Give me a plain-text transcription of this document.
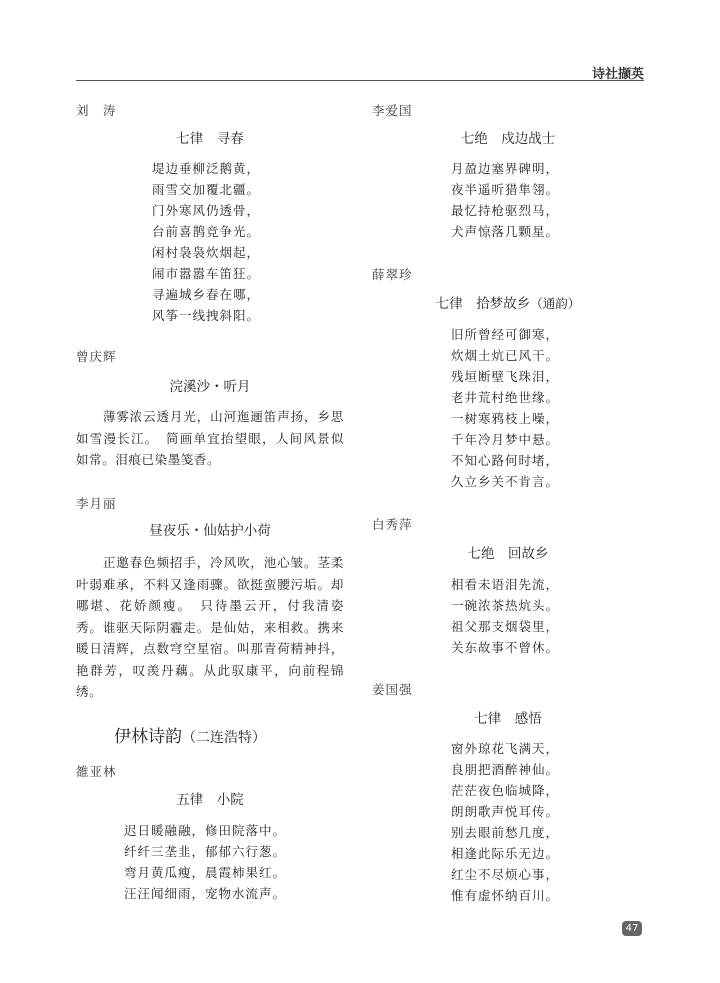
诗社撷英

刘　涛

七律　寻春

堤边垂柳泛鹅黄，
雨雪交加覆北疆。
门外寒风仍透骨，
台前喜鹊竞争光。
闲村袅袅炊烟起，
闹市嚣嚣车笛狂。
寻遍城乡春在哪，
风筝一线拽斜阳。

曾庆辉

浣溪沙・听月

　　薄雾浓云透月光，山河迤逦笛声扬，乡思如雪漫长江。　简画单宜抬望眼，人间风景似如常。泪痕已染墨笺香。

李月丽

昼夜乐・仙姑护小荷

　　正邀春色频招手，冷风吹，池心皱。茎柔叶弱难承，不料又逢雨骤。欲挺蛮腰污垢。却哪堪、花娇颜瘦。　只待墨云开，付我清姿秀。谁驱天际阴霾走。是仙姑，来相救。携来暖日清辉，点数穹空星宿。叫那青荷精神抖，艳群芳，叹羡丹藕。从此驭康平，向前程锦绣。

伊林诗韵（二连浩特）

雒亚林

五律　小院

迟日暖融融，修田院落中。
纤纤三垄韭，郁郁六行葱。
弯月黄瓜瘦，晨霞柿果红。
汪汪闻细雨，宠物水流声。

李爱国

七绝　戍边战士

月盈边塞界碑明，
夜半遥听猎隼翎。
最忆持枪驱烈马，
犬声惊落几颗星。

薛翠珍

七律　拾梦故乡（通韵）

旧所曾经可御寒，
炊烟土炕已风干。
残垣断壁飞珠泪，
老井荒村绝世缘。
一树寒鸦枝上噪，
千年冷月梦中悬。
不知心路何时堵，
久立乡关不肯言。

白秀萍

七绝　回故乡

相看未语泪先流，
一碗浓茶热炕头。
祖父那支烟袋里，
关东故事不曾休。

姜国强

七律　感悟

窗外琼花飞满天，
良朋把酒醉神仙。
茫茫夜色临城降，
朗朗歌声悦耳传。
别去眼前愁几度，
相逢此际乐无边。
红尘不尽烦心事，
惟有虚怀纳百川。
47
